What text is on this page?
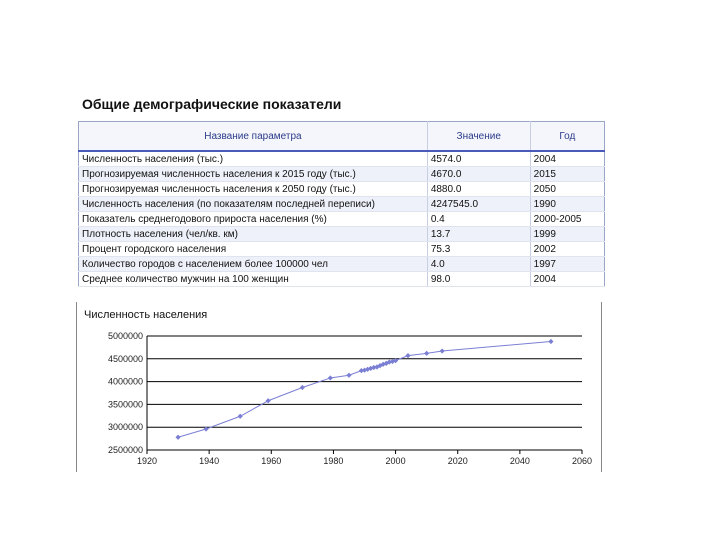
Общие демографические показатели
Название параметра	Значение	Год
Численность населения (тыс.)	4574.0	2004
Прогнозируемая численность населения к 2015 году (тыс.)	4670.0	2015
Прогнозируемая численность населения к 2050 году (тыс.)	4880.0	2050
Численность населения (по показателям последней переписи)	4247545.0	1990
Показатель среднегодового прироста населения (%)	0.4	2000-2005
Плотность населения (чел/кв. км)	13.7	1999
Процент городского населения	75.3	2002
Количество городов с населением более 100000 чел	4.0	1997
Среднее количество мужчин на 100 женщин	98.0	2004
Численность населения
2500000
3000000
3500000
4000000
4500000
5000000
1920	1940	1960	1980	2000	2020	2040	2060
